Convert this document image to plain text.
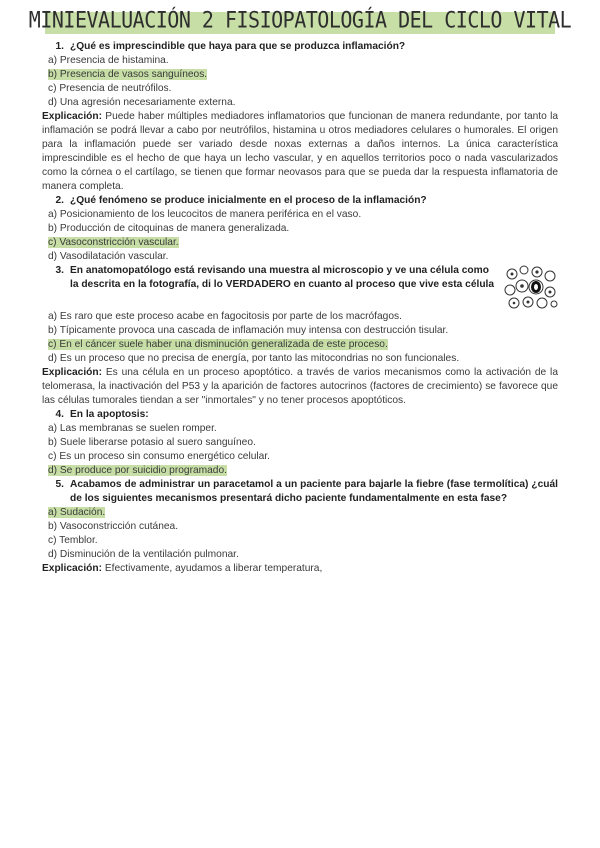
MINIEVALUACIÓN 2 FISIOPATOLOGÍA DEL CICLO VITAL
1. ¿Qué es imprescindible que haya para que se produzca inflamación?
a) Presencia de histamina.
b) Presencia de vasos sanguíneos.
c) Presencia de neutrófilos.
d) Una agresión necesariamente externa.
Explicación: Puede haber múltiples mediadores inflamatorios que funcionan de manera redundante, por tanto la inflamación se podrá llevar a cabo por neutrófilos, histamina u otros mediadores celulares o humorales. El origen para la inflamación puede ser variado desde noxas externas a daños internos. La única característica imprescindible es el hecho de que haya un lecho vascular, y en aquellos territorios poco o nada vascularizados como la córnea o el cartílago, se tienen que formar neovasos para que se pueda dar la respuesta inflamatoria de manera completa.
2. ¿Qué fenómeno se produce inicialmente en el proceso de la inflamación?
a) Posicionamiento de los leucocitos de manera periférica en el vaso.
b) Producción de citoquinas de manera generalizada.
c) Vasoconstricción vascular.
d) Vasodilatación vascular.
3. En anatomopatólogo está revisando una muestra al microscopio y ve una célula como la descrita en la fotografía, di lo VERDADERO en cuanto al proceso que vive esta célula
a) Es raro que este proceso acabe en fagocitosis por parte de los macrófagos.
b) Típicamente provoca una cascada de inflamación muy intensa con destrucción tisular.
c) En el cáncer suele haber una disminución generalizada de este proceso.
d) Es un proceso que no precisa de energía, por tanto las mitocondrias no son funcionales.
Explicación: Es una célula en un proceso apoptótico. a través de varios mecanismos como la activación de la telomerasa, la inactivación del P53 y la aparición de factores autocrinos (factores de crecimiento) se favorece que las células tumorales tiendan a ser "inmortales" y no tener procesos apoptóticos.
4. En la apoptosis:
a) Las membranas se suelen romper.
b) Suele liberarse potasio al suero sanguíneo.
c) Es un proceso sin consumo energético celular.
d) Se produce por suicidio programado.
5. Acabamos de administrar un paracetamol a un paciente para bajarle la fiebre (fase termolítica) ¿cuál de los siguientes mecanismos presentará dicho paciente fundamentalmente en esta fase?
a) Sudación.
b) Vasoconstricción cutánea.
c) Temblor.
d) Disminución de la ventilación pulmonar.
Explicación: Efectivamente, ayudamos a liberar temperatura,
